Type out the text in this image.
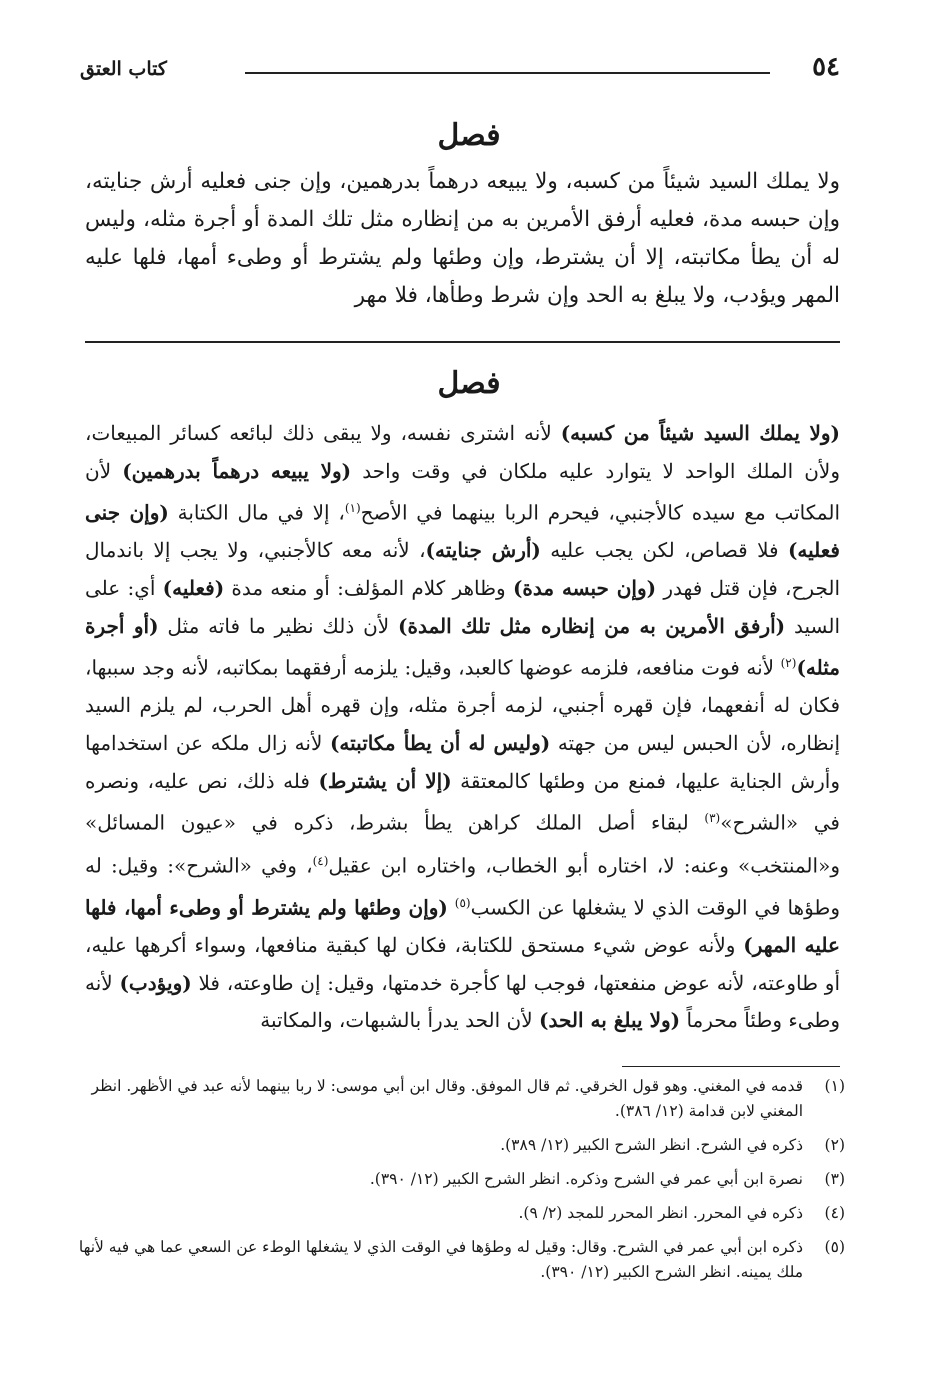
كتاب العتق	٥٤
فصل
ولا يملك السيد شيئاً من كسبه، ولا يبيعه درهماً بدرهمين، وإن جنى فعليه أرش جنايته، وإن حبسه مدة، فعليه أرفق الأمرين به من إنظاره مثل تلك المدة أو أجرة مثله، وليس له أن يطأ مكاتبته، إلا أن يشترط، وإن وطئها ولم يشترط أو وطىء أمها، فلها عليه المهر ويؤدب، ولا يبلغ به الحد وإن شرط وطأها، فلا مهر
فصل
(ولا يملك السيد شيئاً من كسبه) لأنه اشترى نفسه، ولا يبقى ذلك لبائعه كسائر المبيعات، ولأن الملك الواحد لا يتوارد عليه ملكان في وقت واحد (ولا يبيعه درهماً بدرهمين) لأن المكاتب مع سيده كالأجنبي، فيحرم الربا بينهما في الأصح$^{(١)}$، إلا في مال الكتابة (وإن جنى فعليه) فلا قصاص، لكن يجب عليه (أرش جنايته)، لأنه معه كالأجنبي، ولا يجب إلا باندمال الجرح، فإن قتل فهدر (وإن حبسه مدة) وظاهر كلام المؤلف: أو منعه مدة (فعليه) أي: على السيد (أرفق الأمرين به من إنظاره مثل تلك المدة) لأن ذلك نظير ما فاته مثل (أو أجرة مثله)$^{(٢)}$ لأنه فوت منافعه، فلزمه عوضها كالعبد، وقيل: يلزمه أرفقهما بمكاتبه، لأنه وجد سببها، فكان له أنفعهما، فإن قهره أجنبي، لزمه أجرة مثله، وإن قهره أهل الحرب، لم يلزم السيد إنظاره، لأن الحبس ليس من جهته (وليس له أن يطأ مكاتبته) لأنه زال ملكه عن استخدامها وأرش الجناية عليها، فمنع من وطئها كالمعتقة (إلا أن يشترط) فله ذلك، نص عليه، ونصره في «الشرح»$^{(٣)}$ لبقاء أصل الملك كراهن يطأ بشرط، ذكره في «عيون المسائل» و«المنتخب» وعنه: لا، اختاره أبو الخطاب، واختاره ابن عقيل$^{(٤)}$، وفي «الشرح»: وقيل: له وطؤها في الوقت الذي لا يشغلها عن الكسب$^{(٥)}$ (وإن وطئها ولم يشترط أو وطىء أمها، فلها عليه المهر) ولأنه عوض شيء مستحق للكتابة، فكان لها كبقية منافعها، وسواء أكرهها عليه، أو طاوعته، لأنه عوض منفعتها، فوجب لها كأجرة خدمتها، وقيل: إن طاوعته، فلا (ويؤدب) لأنه وطىء وطئاً محرماً (ولا يبلغ به الحد) لأن الحد يدرأ بالشبهات، والمكاتبة
(١)
قدمه في المغني. وهو قول الخرقي. ثم قال الموفق. وقال ابن أبي موسى: لا ربا بينهما لأنه عبد في الأظهر. انظر المغني لابن قدامة (١٢/ ٣٨٦).
(٢)
ذكره في الشرح. انظر الشرح الكبير (١٢/ ٣٨٩).
(٣)
نصرة ابن أبي عمر في الشرح وذكره. انظر الشرح الكبير (١٢/ ٣٩٠).
(٤)
ذكره في المحرر. انظر المحرر للمجد (٢/ ٩).
(٥)
ذكره ابن أبي عمر في الشرح. وقال: وقيل له وطؤها في الوقت الذي لا يشغلها الوطء عن السعي عما هي فيه لأنها ملك يمينه. انظر الشرح الكبير (١٢/ ٣٩٠).
